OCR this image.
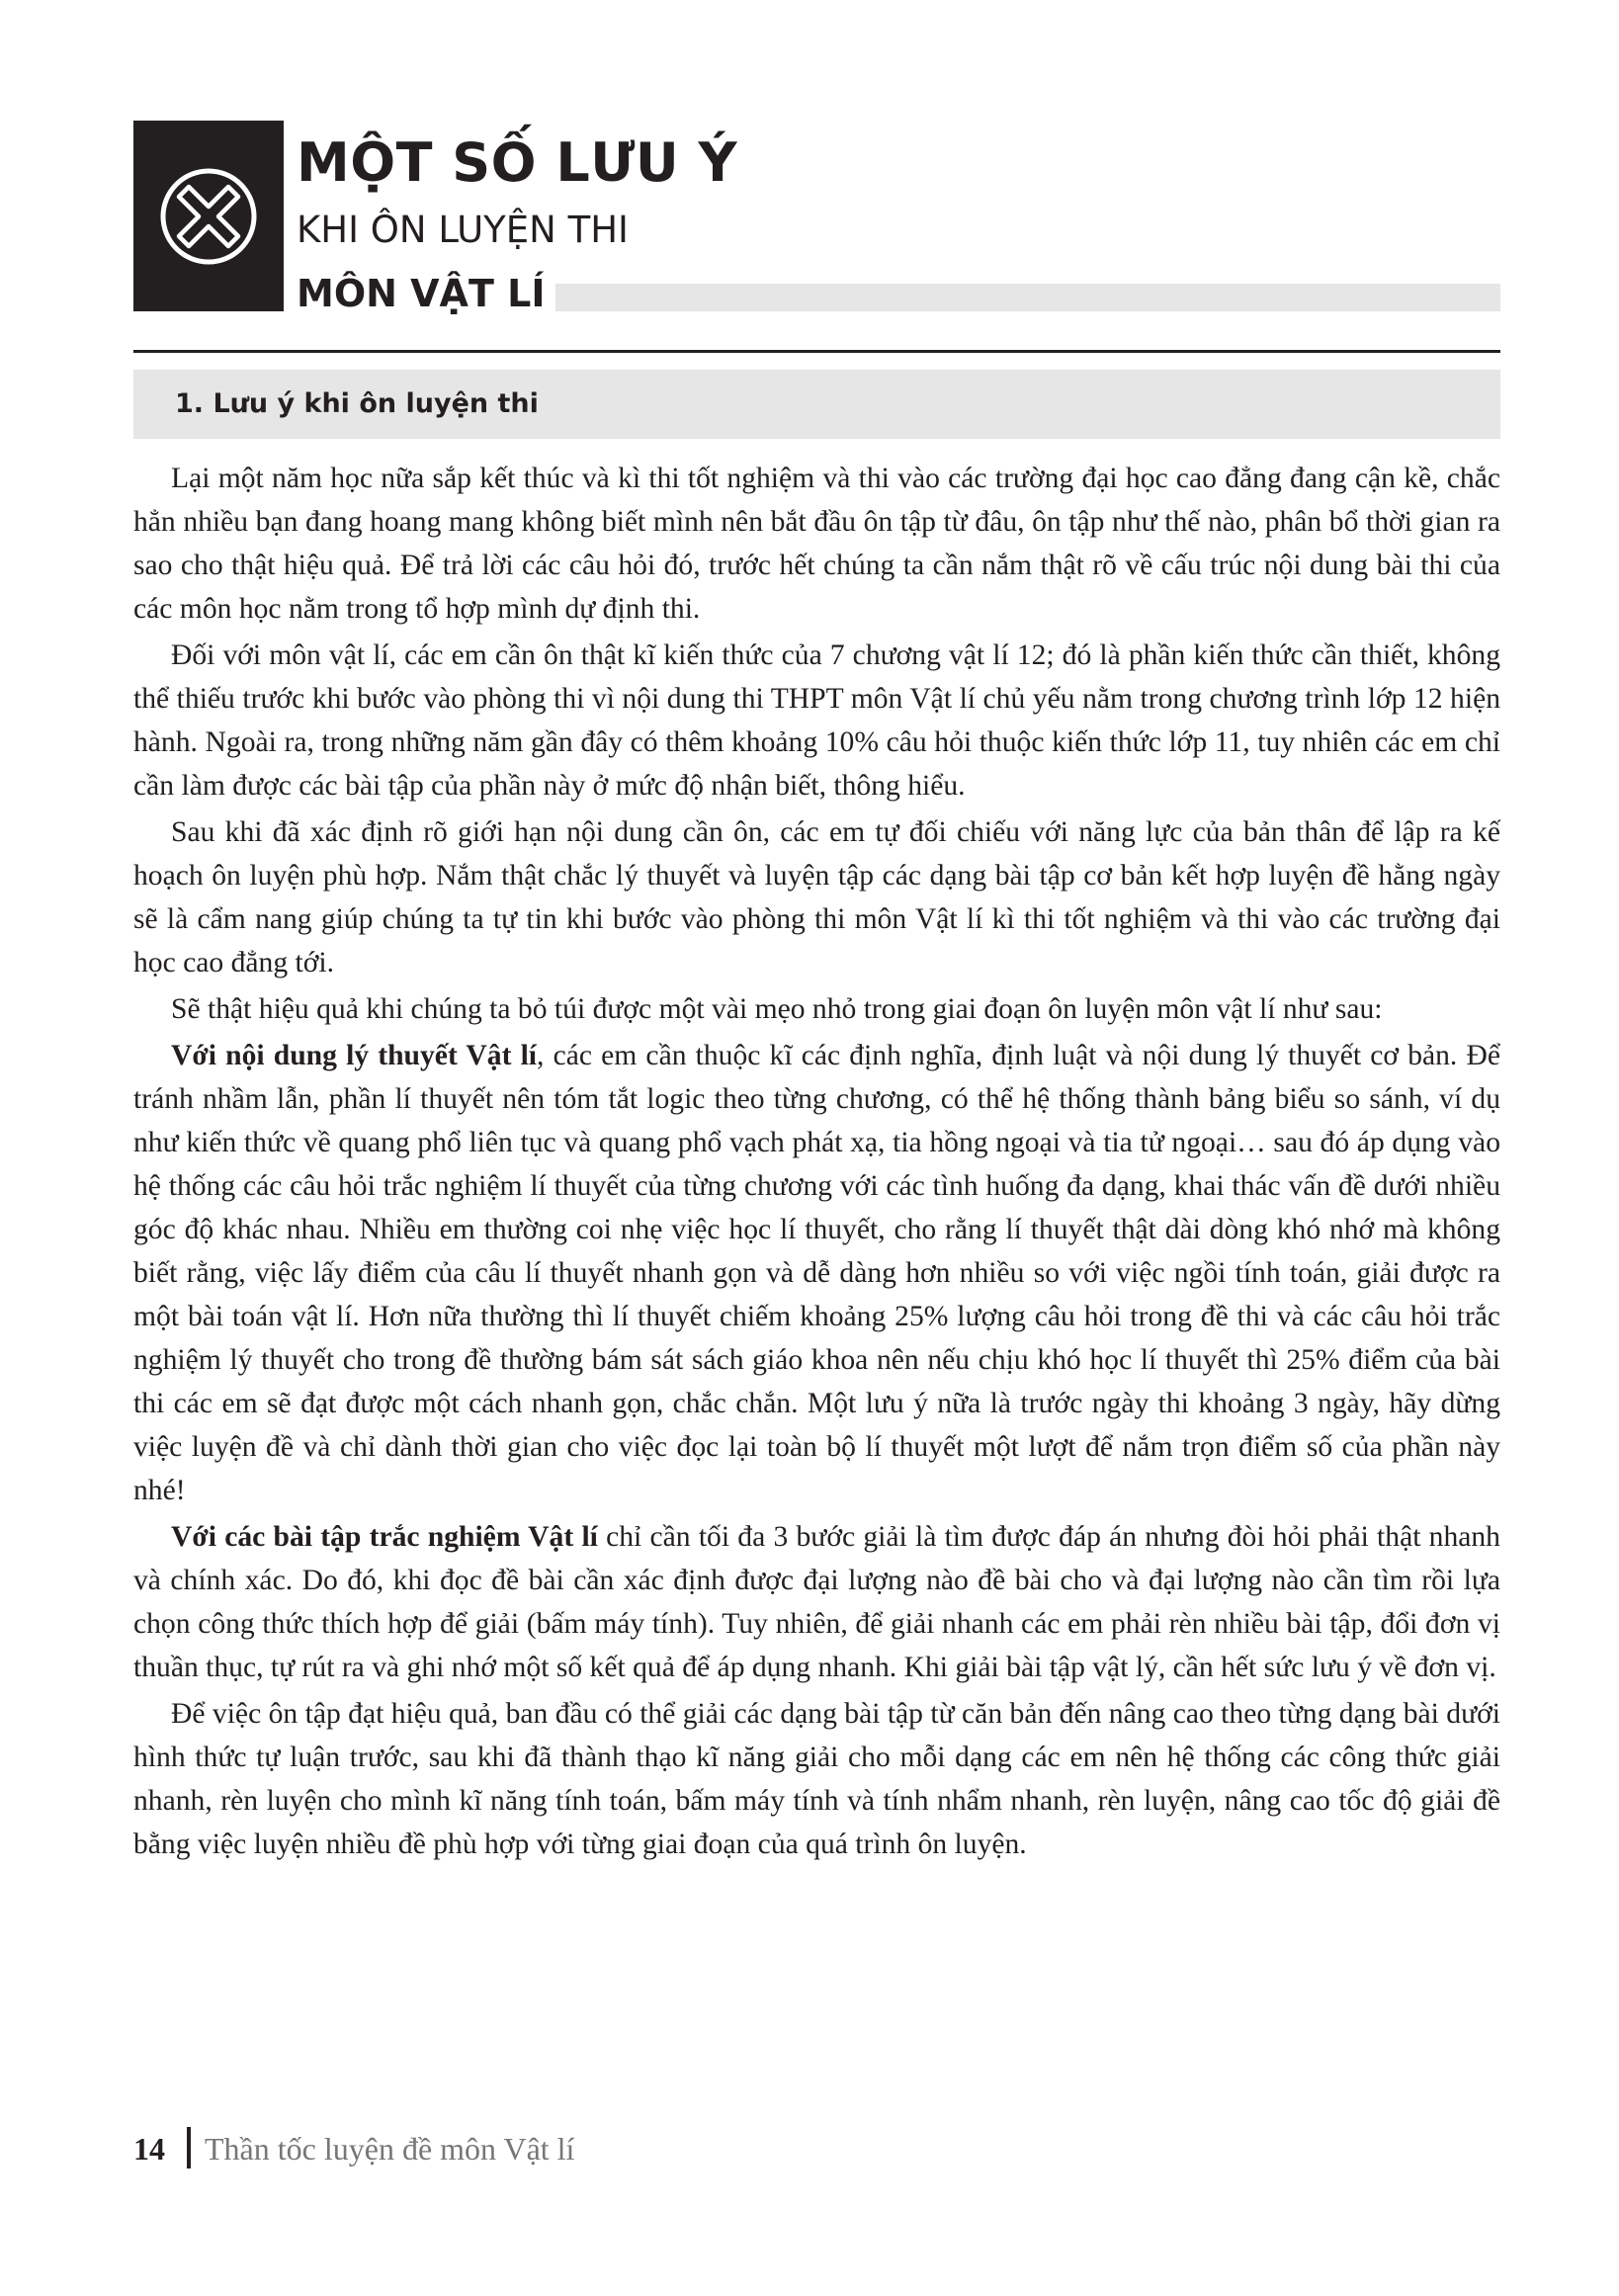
MỘT SỐ LƯU Ý
KHI ÔN LUYỆN THI
MÔN VẬT LÍ
1. Lưu ý khi ôn luyện thi

Lại một năm học nữa sắp kết thúc và kì thi tốt nghiệm và thi vào các trường đại học cao đẳng đang cận kề, chắc hẳn nhiều bạn đang hoang mang không biết mình nên bắt đầu ôn tập từ đâu, ôn tập như thế nào, phân bổ thời gian ra sao cho thật hiệu quả. Để trả lời các câu hỏi đó, trước hết chúng ta cần nắm thật rõ về cấu trúc nội dung bài thi của các môn học nằm trong tổ hợp mình dự định thi.

Đối với môn vật lí, các em cần ôn thật kĩ kiến thức của 7 chương vật lí 12; đó là phần kiến thức cần thiết, không thể thiếu trước khi bước vào phòng thi vì nội dung thi THPT môn Vật lí chủ yếu nằm trong chương trình lớp 12 hiện hành. Ngoài ra, trong những năm gần đây có thêm khoảng 10% câu hỏi thuộc kiến thức lớp 11, tuy nhiên các em chỉ cần làm được các bài tập của phần này ở mức độ nhận biết, thông hiểu.

Sau khi đã xác định rõ giới hạn nội dung cần ôn, các em tự đối chiếu với năng lực của bản thân để lập ra kế hoạch ôn luyện phù hợp. Nắm thật chắc lý thuyết và luyện tập các dạng bài tập cơ bản kết hợp luyện đề hằng ngày sẽ là cẩm nang giúp chúng ta tự tin khi bước vào phòng thi môn Vật lí kì thi tốt nghiệm và thi vào các trường đại học cao đẳng tới.

Sẽ thật hiệu quả khi chúng ta bỏ túi được một vài mẹo nhỏ trong giai đoạn ôn luyện môn vật lí như sau:

Với nội dung lý thuyết Vật lí, các em cần thuộc kĩ các định nghĩa, định luật và nội dung lý thuyết cơ bản. Để tránh nhầm lẫn, phần lí thuyết nên tóm tắt logic theo từng chương, có thể hệ thống thành bảng biểu so sánh, ví dụ như kiến thức về quang phổ liên tục và quang phổ vạch phát xạ, tia hồng ngoại và tia tử ngoại… sau đó áp dụng vào hệ thống các câu hỏi trắc nghiệm lí thuyết của từng chương với các tình huống đa dạng, khai thác vấn đề dưới nhiều góc độ khác nhau. Nhiều em thường coi nhẹ việc học lí thuyết, cho rằng lí thuyết thật dài dòng khó nhớ mà không biết rằng, việc lấy điểm của câu lí thuyết nhanh gọn và dễ dàng hơn nhiều so với việc ngồi tính toán, giải được ra một bài toán vật lí. Hơn nữa thường thì lí thuyết chiếm khoảng 25% lượng câu hỏi trong đề thi và các câu hỏi trắc nghiệm lý thuyết cho trong đề thường bám sát sách giáo khoa nên nếu chịu khó học lí thuyết thì 25% điểm của bài thi các em sẽ đạt được một cách nhanh gọn, chắc chắn. Một lưu ý nữa là trước ngày thi khoảng 3 ngày, hãy dừng việc luyện đề và chỉ dành thời gian cho việc đọc lại toàn bộ lí thuyết một lượt để nắm trọn điểm số của phần này nhé!

Với các bài tập trắc nghiệm Vật lí chỉ cần tối đa 3 bước giải là tìm được đáp án nhưng đòi hỏi phải thật nhanh và chính xác. Do đó, khi đọc đề bài cần xác định được đại lượng nào đề bài cho và đại lượng nào cần tìm rồi lựa chọn công thức thích hợp để giải (bấm máy tính). Tuy nhiên, để giải nhanh các em phải rèn nhiều bài tập, đổi đơn vị thuần thục, tự rút ra và ghi nhớ một số kết quả để áp dụng nhanh. Khi giải bài tập vật lý, cần hết sức lưu ý về đơn vị.

Để việc ôn tập đạt hiệu quả, ban đầu có thể giải các dạng bài tập từ căn bản đến nâng cao theo từng dạng bài dưới hình thức tự luận trước, sau khi đã thành thạo kĩ năng giải cho mỗi dạng các em nên hệ thống các công thức giải nhanh, rèn luyện cho mình kĩ năng tính toán, bấm máy tính và tính nhẩm nhanh, rèn luyện, nâng cao tốc độ giải đề bằng việc luyện nhiều đề phù hợp với từng giai đoạn của quá trình ôn luyện.

14 Thần tốc luyện đề môn Vật lí
